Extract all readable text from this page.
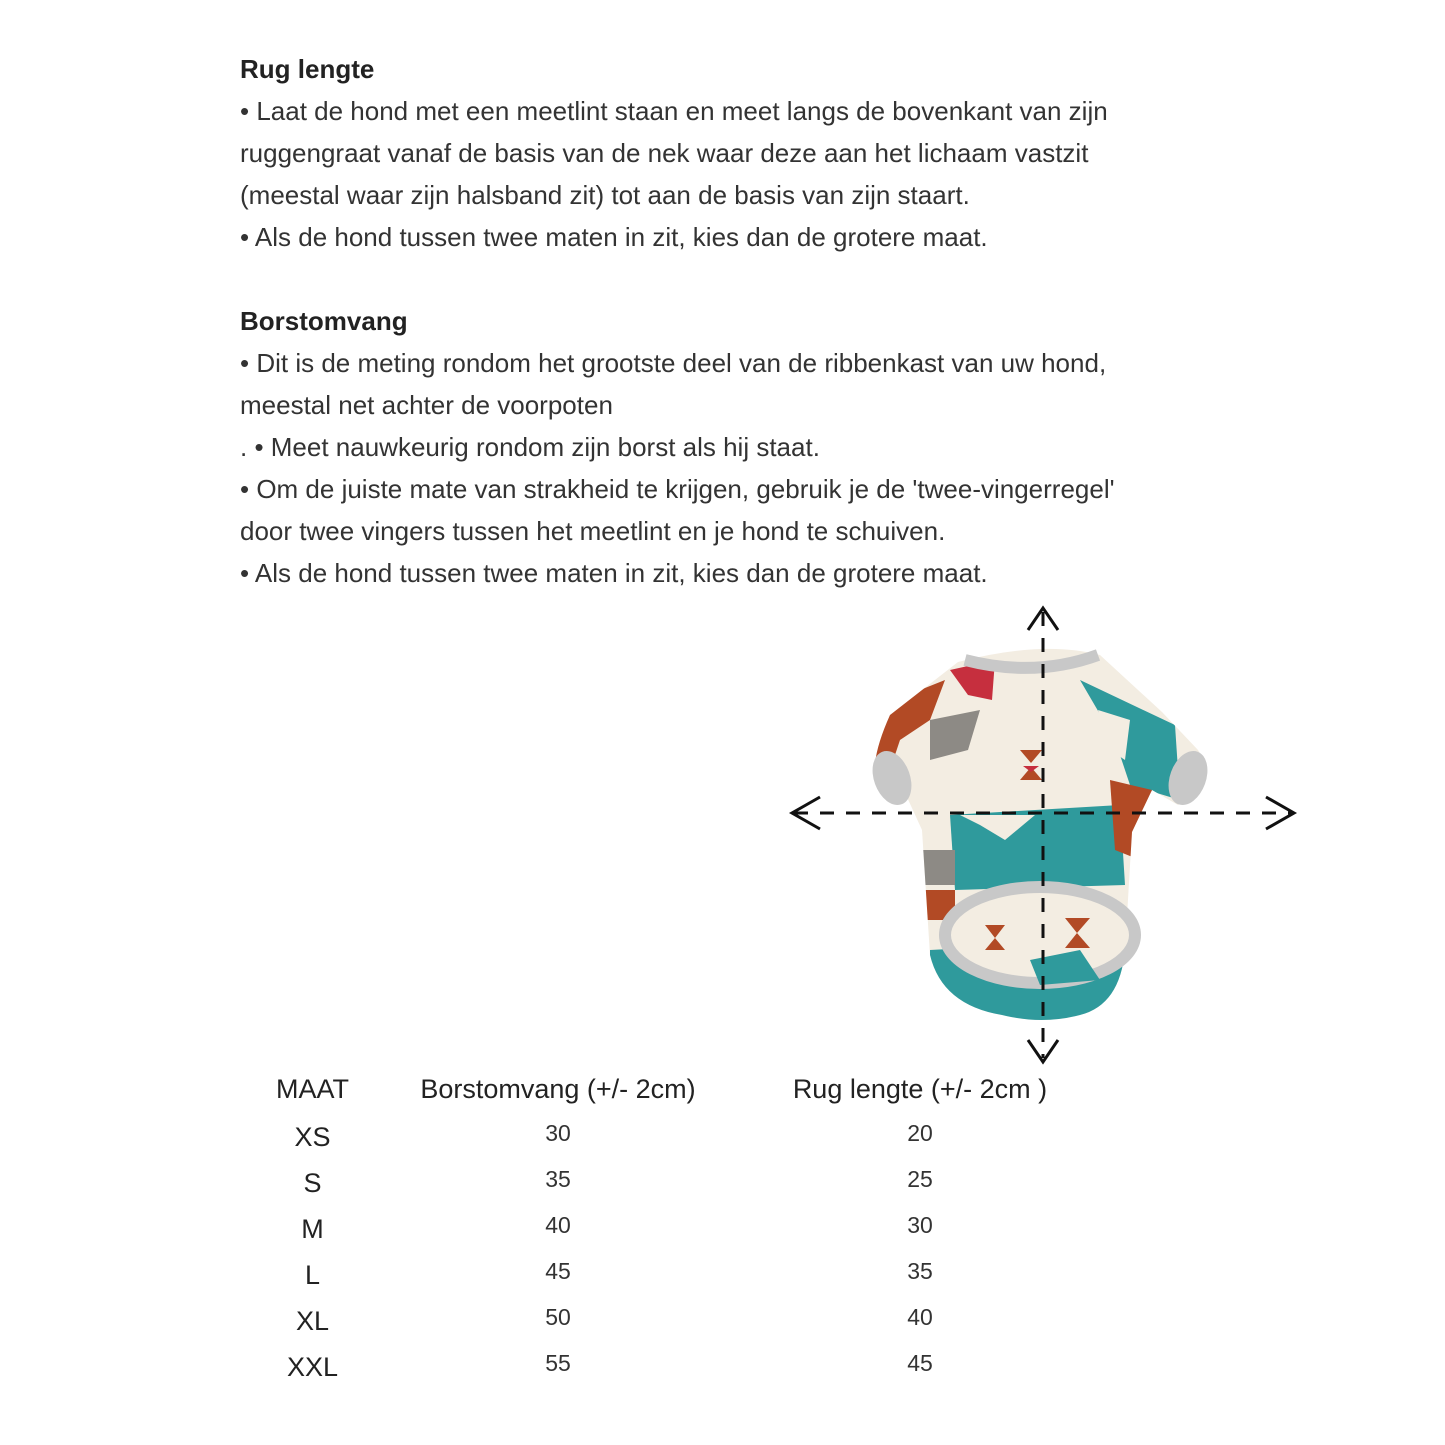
Rug lengte

• Laat de hond met een meetlint staan en meet langs de bovenkant van zijn

ruggengraat vanaf de basis van de nek waar deze aan het lichaam vastzit

(meestal waar zijn halsband zit) tot aan de basis van zijn staart.

• Als de hond tussen twee maten in zit, kies dan de grotere maat.

Borstomvang

• Dit is de meting rondom het grootste deel van de ribbenkast van uw hond,

meestal net achter de voorpoten

. • Meet nauwkeurig rondom zijn borst als hij staat.

• Om de juiste mate van strakheid te krijgen, gebruik je de 'twee-vingerregel'

door twee vingers tussen het meetlint en je hond te schuiven.

• Als de hond tussen twee maten in zit, kies dan de grotere maat.

MAAT	Borstomvang (+/- 2cm)	Rug lengte (+/- 2cm )
XS	30	20
S	35	25
M	40	30
L	45	35
XL	50	40
XXL	55	45
